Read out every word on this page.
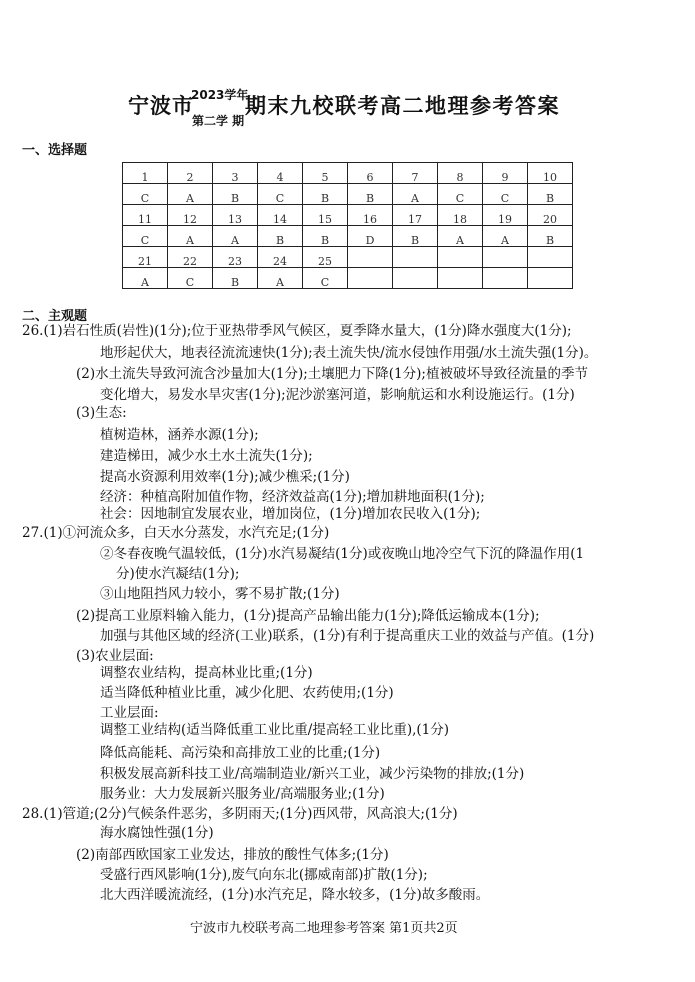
宁波市
2023学年
期末九校联考高二地理参考答案
第二学 期
一、选择题
1	2	3	4	5	6	7	8	9	10
C	A	B	C	B	B	A	C	C	B
11	12	13	14	15	16	17	18	19	20
C	A	A	B	B	D	B	A	A	B
21	22	23	24	25					
A	C	B	A	C					
二、主观题
26.(1)岩石性质(岩性)(1分);位于亚热带季风气候区，夏季降水量大，(1分)降水强度大(1分);
地形起伏大，地表径流流速快(1分);表土流失快/流水侵蚀作用强/水土流失强(1分)。
(2)水土流失导致河流含沙量加大(1分);土壤肥力下降(1分);植被破坏导致径流量的季节
变化增大，易发水旱灾害(1分);泥沙淤塞河道，影响航运和水利设施运行。(1分)
(3)生态:
植树造林，涵养水源(1分);
建造梯田，减少水土水土流失(1分);
提高水资源利用效率(1分);减少樵采;(1分)
经济：种植高附加值作物，经济效益高(1分);增加耕地面积(1分);
社会：因地制宜发展农业，增加岗位，(1分)增加农民收入(1分);
27.(1)①河流众多，白天水分蒸发，水汽充足;(1分)
②冬春夜晚气温较低，(1分)水汽易凝结(1分)或夜晚山地冷空气下沉的降温作用(1
分)使水汽凝结(1分);
③山地阻挡风力较小，雾不易扩散;(1分)
(2)提高工业原料输入能力，(1分)提高产品输出能力(1分);降低运输成本(1分);
加强与其他区域的经济(工业)联系，(1分)有利于提高重庆工业的效益与产值。(1分)
(3)农业层面:
调整农业结构，提高林业比重;(1分)
适当降低种植业比重，减少化肥、农药使用;(1分)
工业层面:
调整工业结构(适当降低重工业比重/提高轻工业比重),(1分)
降低高能耗、高污染和高排放工业的比重;(1分)
积极发展高新科技工业/高端制造业/新兴工业，减少污染物的排放;(1分)
服务业：大力发展新兴服务业/高端服务业;(1分)
28.(1)管道;(2分)气候条件恶劣，多阴雨天;(1分)西风带，风高浪大;(1分)
海水腐蚀性强(1分)
(2)南部西欧国家工业发达，排放的酸性气体多;(1分)
受盛行西风影响(1分),废气向东北(挪威南部)扩散(1分);
北大西洋暖流流经，(1分)水汽充足，降水较多，(1分)故多酸雨。
宁波市九校联考高二地理参考答案 第1页共2页
